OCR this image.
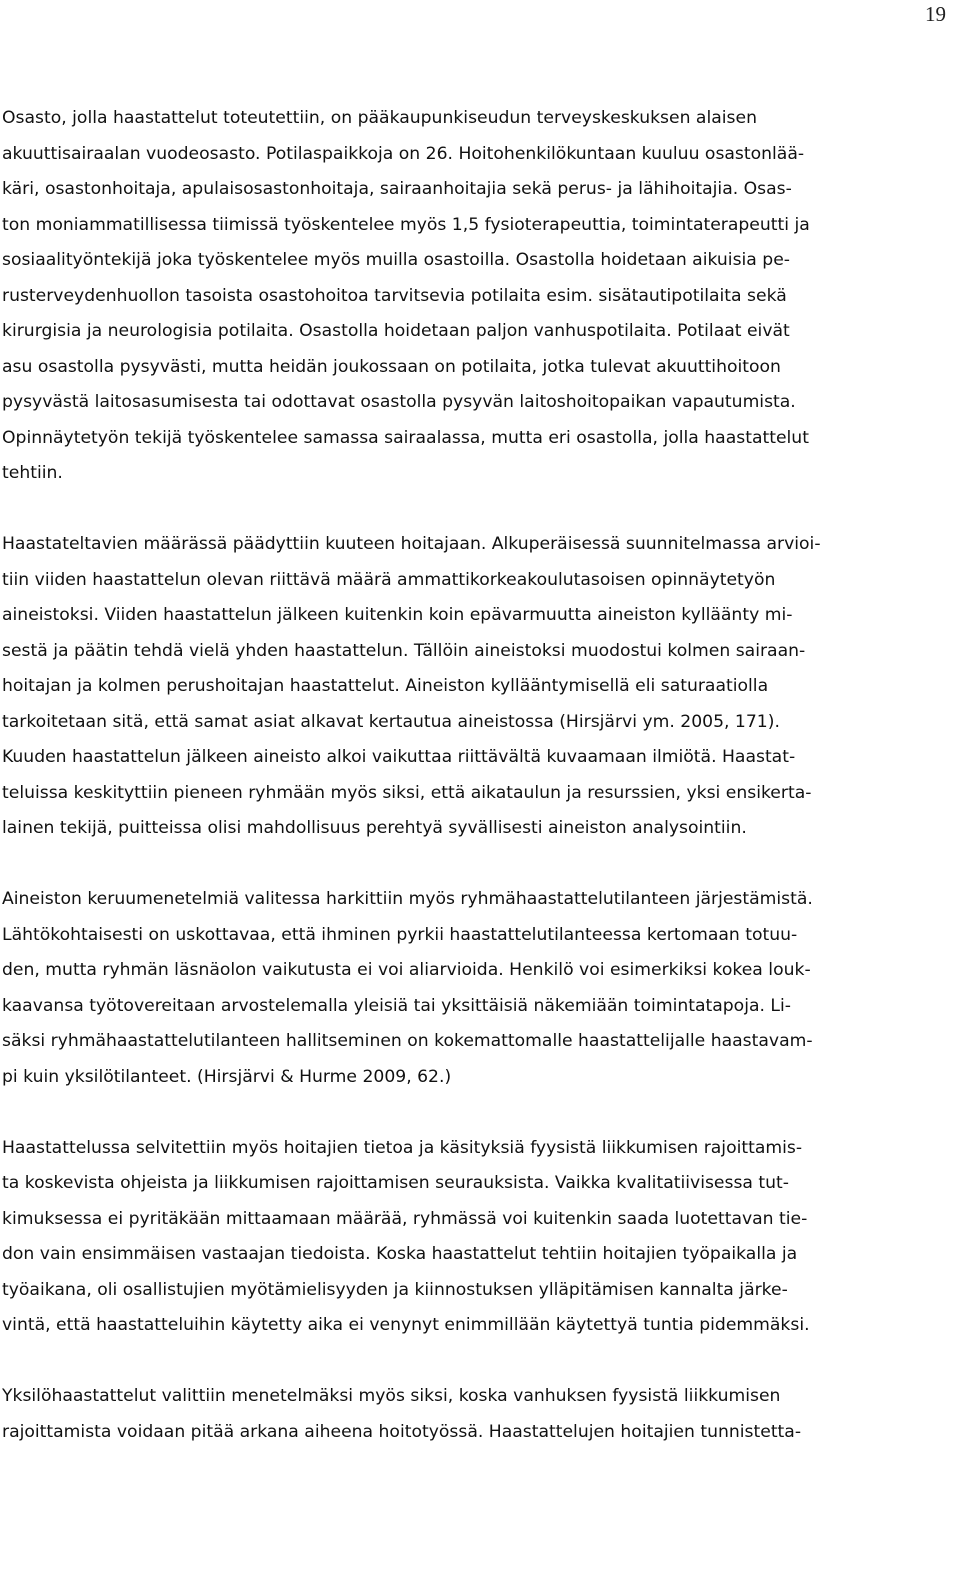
19
Osasto, jolla haastattelut toteutettiin, on pääkaupunkiseudun terveyskeskuksen alaisen
akuuttisairaalan vuodeosasto. Potilaspaikkoja on 26. Hoitohenkilökuntaan kuuluu osastonlää-
käri, osastonhoitaja, apulaisosastonhoitaja, sairaanhoitajia sekä perus- ja lähihoitajia. Osas-
ton moniammatillisessa tiimissä työskentelee myös 1,5 fysioterapeuttia, toimintaterapeutti ja
sosiaalityöntekijä joka työskentelee myös muilla osastoilla. Osastolla hoidetaan aikuisia pe-
rusterveydenhuollon tasoista osastohoitoa tarvitsevia potilaita esim. sisätautipotilaita sekä
kirurgisia ja neurologisia potilaita. Osastolla hoidetaan paljon vanhuspotilaita. Potilaat eivät
asu osastolla pysyvästi, mutta heidän joukossaan on potilaita, jotka tulevat akuuttihoitoon
pysyvästä laitosasumisesta tai odottavat osastolla pysyvän laitoshoitopaikan vapautumista.
Opinnäytetyön tekijä työskentelee samassa sairaalassa, mutta eri osastolla, jolla haastattelut
tehtiin.
Haastateltavien määrässä päädyttiin kuuteen hoitajaan. Alkuperäisessä suunnitelmassa arvioi-
tiin viiden haastattelun olevan riittävä määrä ammattikorkeakoulutasoisen opinnäytetyön
aineistoksi. Viiden haastattelun jälkeen kuitenkin koin epävarmuutta aineiston kylläänty mi-
sestä ja päätin tehdä vielä yhden haastattelun. Tällöin aineistoksi muodostui kolmen sairaan-
hoitajan ja kolmen perushoitajan haastattelut. Aineiston kyllääntymisellä eli saturaatiolla
tarkoitetaan sitä, että samat asiat alkavat kertautua aineistossa (Hirsjärvi ym. 2005, 171).
Kuuden haastattelun jälkeen aineisto alkoi vaikuttaa riittävältä kuvaamaan ilmiötä. Haastat-
teluissa keskityttiin pieneen ryhmään myös siksi, että aikataulun ja resurssien, yksi ensikerta-
lainen tekijä, puitteissa olisi mahdollisuus perehtyä syvällisesti aineiston analysointiin.
Aineiston keruumenetelmiä valitessa harkittiin myös ryhmähaastattelutilanteen järjestämistä.
Lähtökohtaisesti on uskottavaa, että ihminen pyrkii haastattelutilanteessa kertomaan totuu-
den, mutta ryhmän läsnäolon vaikutusta ei voi aliarvioida. Henkilö voi esimerkiksi kokea louk-
kaavansa työtovereitaan arvostelemalla yleisiä tai yksittäisiä näkemiään toimintatapoja. Li-
säksi ryhmähaastattelutilanteen hallitseminen on kokemattomalle haastattelijalle haastavam-
pi kuin yksilötilanteet. (Hirsjärvi & Hurme 2009, 62.)
Haastattelussa selvitettiin myös hoitajien tietoa ja käsityksiä fyysistä liikkumisen rajoittamis-
ta koskevista ohjeista ja liikkumisen rajoittamisen seurauksista. Vaikka kvalitatiivisessa tut-
kimuksessa ei pyritäkään mittaamaan määrää, ryhmässä voi kuitenkin saada luotettavan tie-
don vain ensimmäisen vastaajan tiedoista. Koska haastattelut tehtiin hoitajien työpaikalla ja
työaikana, oli osallistujien myötämielisyyden ja kiinnostuksen ylläpitämisen kannalta järke-
vintä, että haastatteluihin käytetty aika ei venynyt enimmillään käytettyä tuntia pidemmäksi.
Yksilöhaastattelut valittiin menetelmäksi myös siksi, koska vanhuksen fyysistä liikkumisen
rajoittamista voidaan pitää arkana aiheena hoitotyössä. Haastattelujen hoitajien tunnistetta-
